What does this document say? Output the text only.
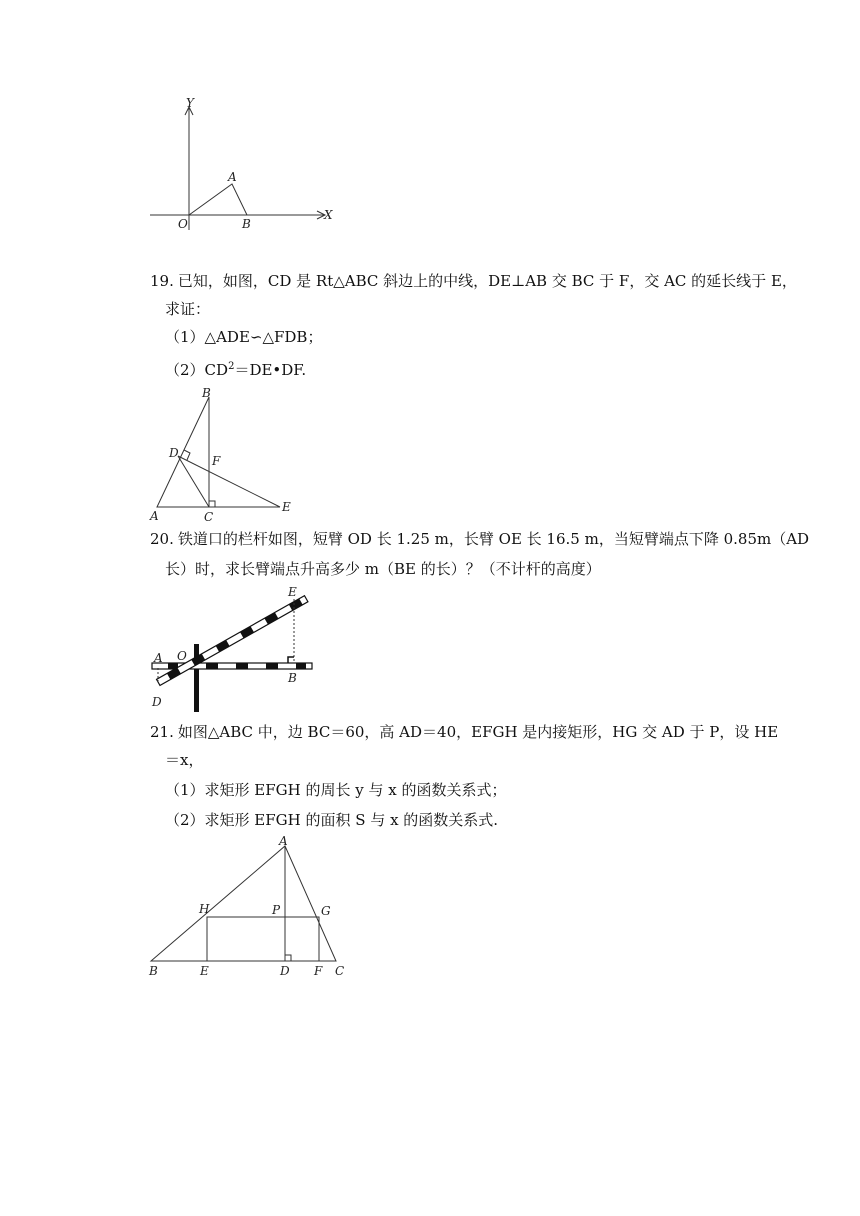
Y
X
O
A
B
19. 已知，如图，CD 是 Rt△ABC 斜边上的中线，DE⊥AB 交 BC 于 F，交 AC 的延长线于 E，
求证：
（1）△ADE∽△FDB；
$(2)CD^2=DE•DF$.
B
D
F
A	C
E
20. 铁道口的栏杆如图，短臂 OD 长 1.25 m，长臂 OE 长 16.5 m，当短臂端点下降 0.85m（AD
长）时，求长臂端点升高多少 m（BE 的长）？（不计杆的高度）
E
A O
B
D
21. 如图△ABC 中，边 BC＝60，高 AD＝40，EFGH 是内接矩形，HG 交 AD 于 P，设 HE
＝x，
（1）求矩形 EFGH 的周长 y 与 x 的函数关系式；
（2）求矩形 EFGH 的面积 S 与 x 的函数关系式.
A
H	P	G
B	E	D F C
